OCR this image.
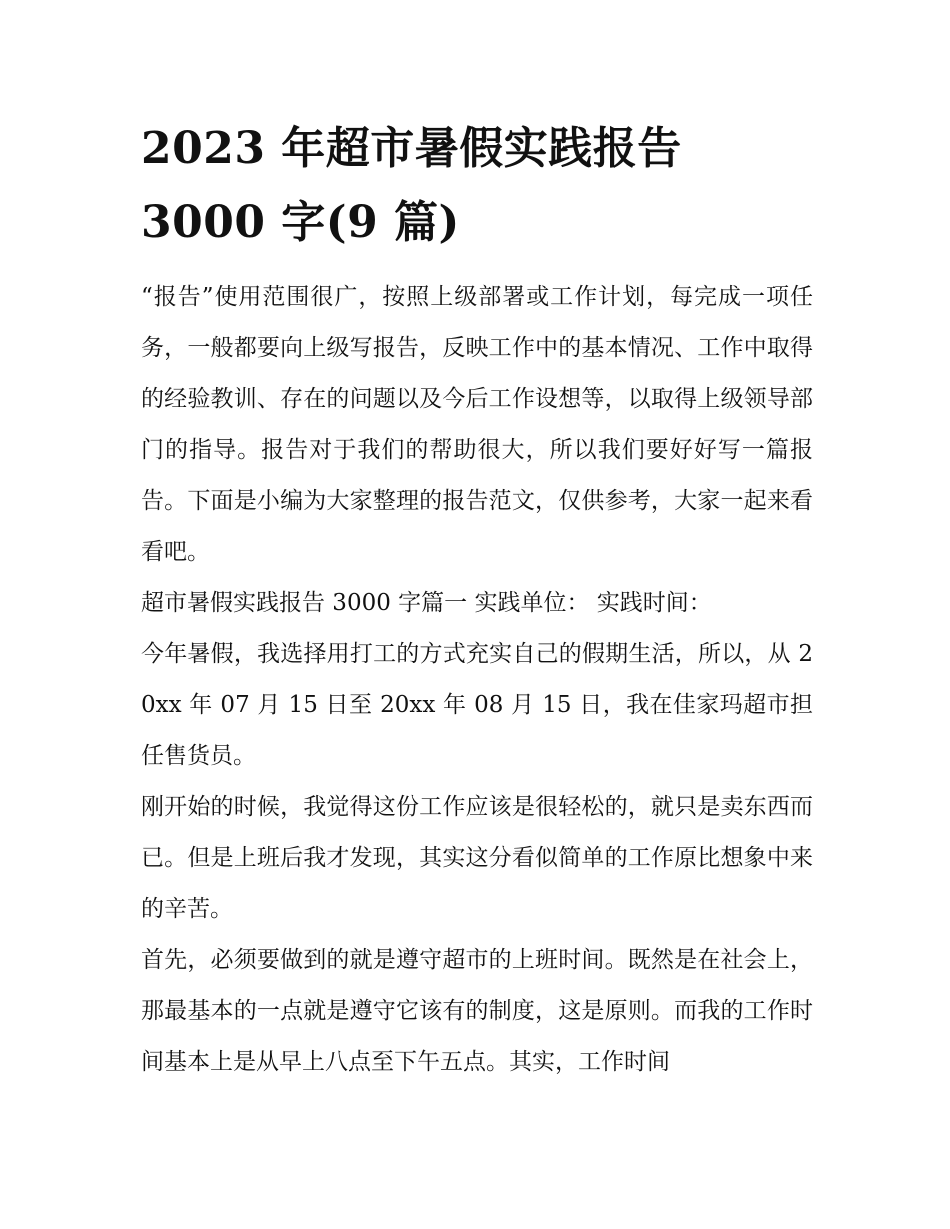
2023 年超市暑假实践报告
3000 字(9 篇)

“报告”使用范围很广，按照上级部署或工作计划，每完成一项任务，一般都要向上级写报告，反映工作中的基本情况、工作中取得的经验教训、存在的问题以及今后工作设想等，以取得上级领导部门的指导。报告对于我们的帮助很大，所以我们要好好写一篇报告。下面是小编为大家整理的报告范文，仅供参考，大家一起来看看吧。

超市暑假实践报告 3000 字篇一 实践单位： 实践时间：

今年暑假，我选择用打工的方式充实自己的假期生活，所以，从 20xx 年 07 月 15 日至 20xx 年 08 月 15 日，我在佳家玛超市担任售货员。

刚开始的时候，我觉得这份工作应该是很轻松的，就只是卖东西而已。但是上班后我才发现，其实这分看似简单的工作原比想象中来的辛苦。

首先，必须要做到的就是遵守超市的上班时间。既然是在社会上，那最基本的一点就是遵守它该有的制度，这是原则。而我的工作时间基本上是从早上八点至下午五点。其实，工作时间
